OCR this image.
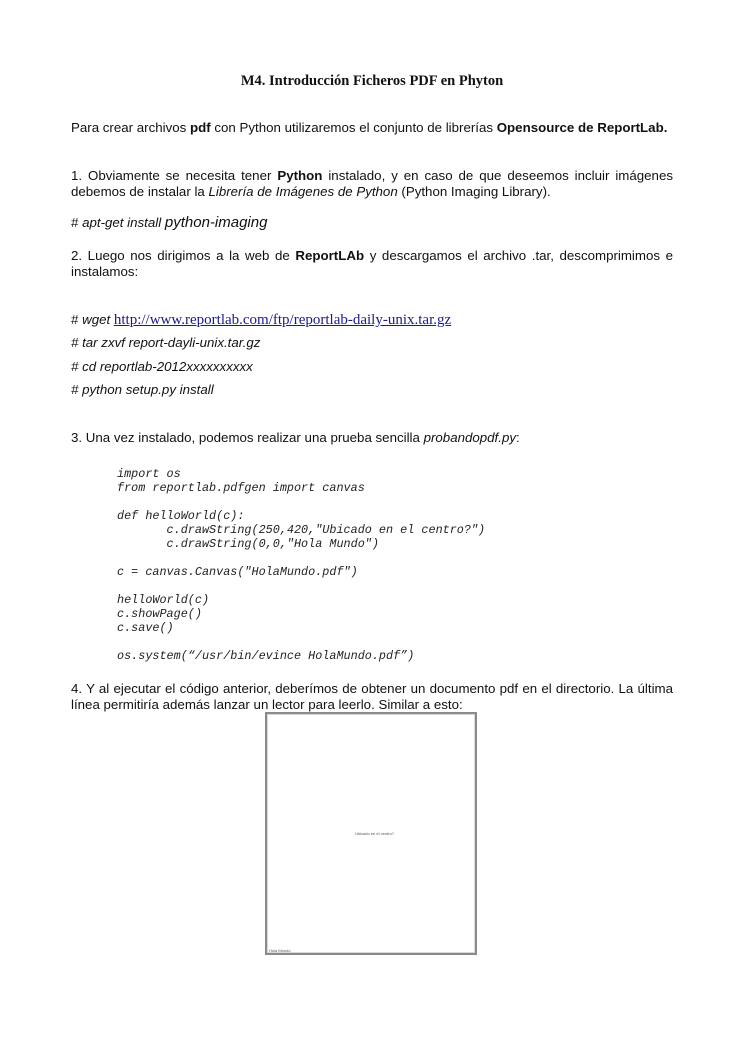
M4. Introducción Ficheros PDF en Phyton
Para crear archivos pdf con Python utilizaremos el conjunto de librerías Opensource de ReportLab.
1. Obviamente se necesita tener Python instalado, y en caso de que deseemos incluir imágenes debemos de instalar la Librería de Imágenes de Python (Python Imaging Library).
# apt-get install python-imaging
2. Luego nos dirigimos a la web de ReportLAb y descargamos el archivo .tar, descomprimimos e instalamos:
# wget http://www.reportlab.com/ftp/reportlab-daily-unix.tar.gz
# tar zxvf report-dayli-unix.tar.gz
# cd reportlab-2012xxxxxxxxxx
# python setup.py install
3. Una vez instalado, podemos realizar una prueba sencilla probandopdf.py:
import os
from reportlab.pdfgen import canvas

def helloWorld(c):
c.drawString(250,420,"Ubicado en el centro?")
c.drawString(0,0,"Hola Mundo")

c = canvas.Canvas("HolaMundo.pdf")

helloWorld(c)
c.showPage()
c.save()

os.system(“/usr/bin/evince HolaMundo.pdf”)
4. Y al ejecutar el código anterior, deberímos de obtener un documento pdf en el directorio. La última línea permitiría además lanzar un lector para leerlo. Similar a esto:
Ubicado en el centro?
Hola Mundo
